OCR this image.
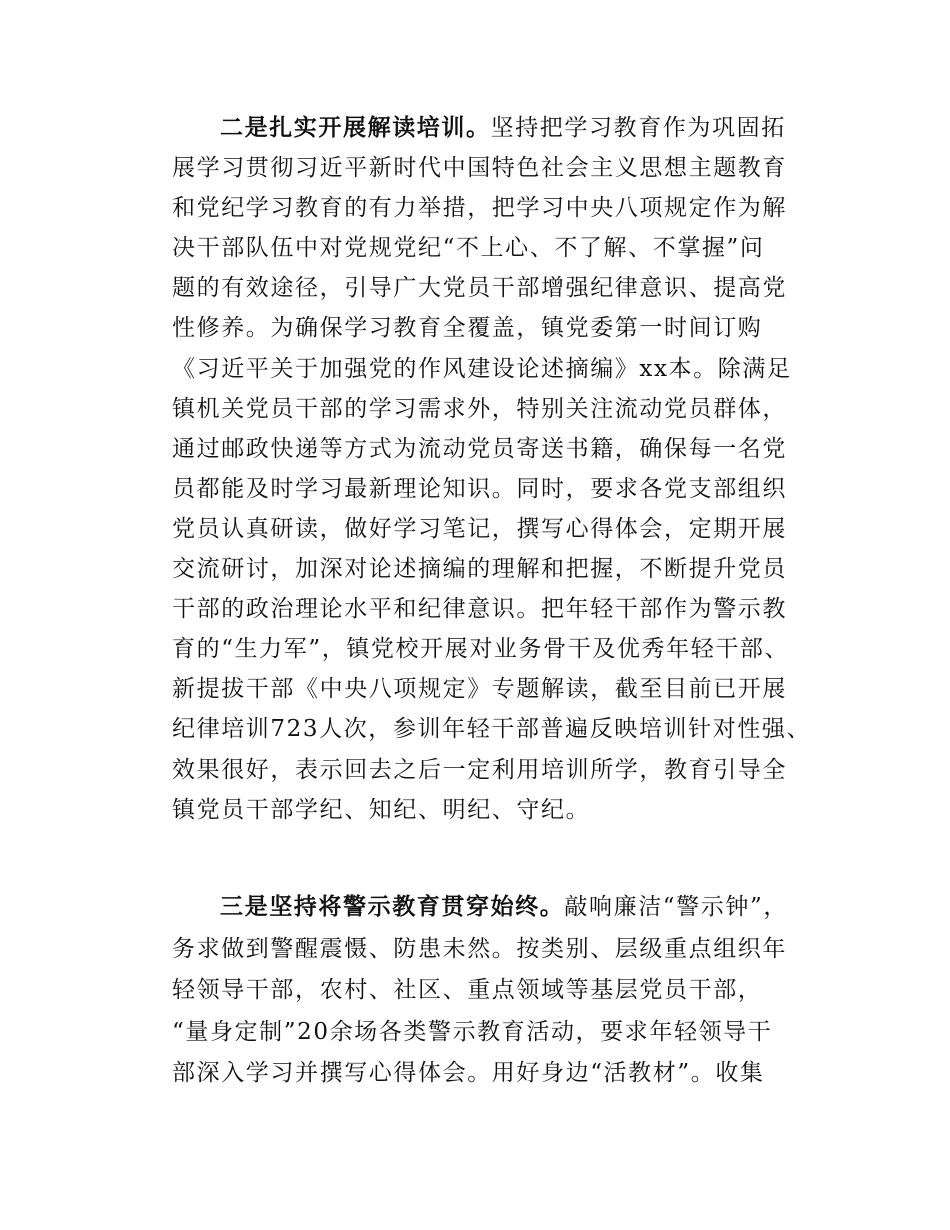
二是扎实开展解读培训。坚持把学习教育作为巩固拓
展学习贯彻习近平新时代中国特色社会主义思想主题教育
和党纪学习教育的有力举措，把学习中央八项规定作为解
决干部队伍中对党规党纪“不上心、不了解、不掌握”问
题的有效途径，引导广大党员干部增强纪律意识、提高党
性修养。为确保学习教育全覆盖，镇党委第一时间订购
《习近平关于加强党的作风建设论述摘编》xx本。除满足
镇机关党员干部的学习需求外，特别关注流动党员群体，
通过邮政快递等方式为流动党员寄送书籍，确保每一名党
员都能及时学习最新理论知识。同时，要求各党支部组织
党员认真研读，做好学习笔记，撰写心得体会，定期开展
交流研讨，加深对论述摘编的理解和把握，不断提升党员
干部的政治理论水平和纪律意识。把年轻干部作为警示教
育的“生力军”，镇党校开展对业务骨干及优秀年轻干部、
新提拔干部《中央八项规定》专题解读，截至目前已开展
纪律培训723人次，参训年轻干部普遍反映培训针对性强、
效果很好，表示回去之后一定利用培训所学，教育引导全
镇党员干部学纪、知纪、明纪、守纪。
三是坚持将警示教育贯穿始终。敲响廉洁“警示钟”，
务求做到警醒震慑、防患未然。按类别、层级重点组织年
轻领导干部，农村、社区、重点领域等基层党员干部，
“量身定制”20余场各类警示教育活动，要求年轻领导干
部深入学习并撰写心得体会。用好身边“活教材”。收集
